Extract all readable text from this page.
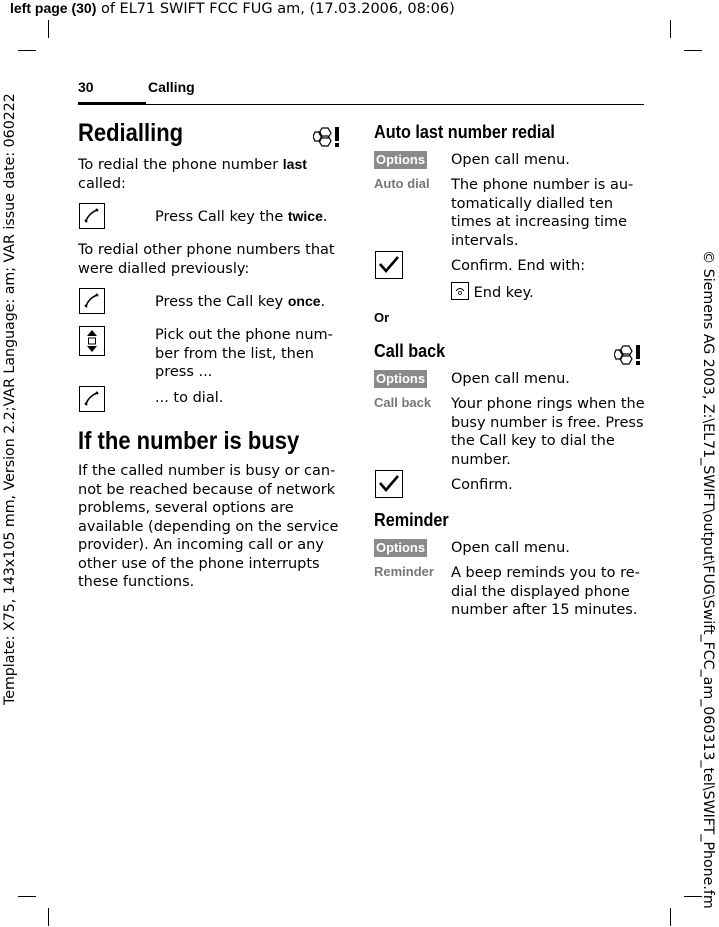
left page (30) of EL71 SWIFT FCC FUG am, (17.03.2006, 08:06)
Template: X75, 143x105 mm, Version 2.2;VAR Language: am; VAR issue date: 060222	© Siemens AG 2003, Z:\EL71_SWIFT\output\FUG\Swift_FCC_am_060313_tel\SWIFT_Phone.fm
30	Calling
Redialling
To redial the phone number last called:
Press Call key the twice.
To redial other phone numbers that were dialled previously:
Press the Call key once.
Pick out the phone num-ber from the list, then press ...
... to dial.
If the number is busy
If the called number is busy or can-not be reached because of network problems, several options are available (depending on the service provider). An incoming call or any other use of the phone interrupts these functions.
Auto last number redial
Options Open call menu.
Auto dial The phone number is au-tomatically dialled ten times at increasing time intervals.
Confirm. End with:
End key.
Or
Call back
Options Open call menu.
Call back Your phone rings when the busy number is free. Press the Call key to dial the number.
Confirm.
Reminder
Options Open call menu.
Reminder A beep reminds you to re-dial the displayed phone number after 15 minutes.
